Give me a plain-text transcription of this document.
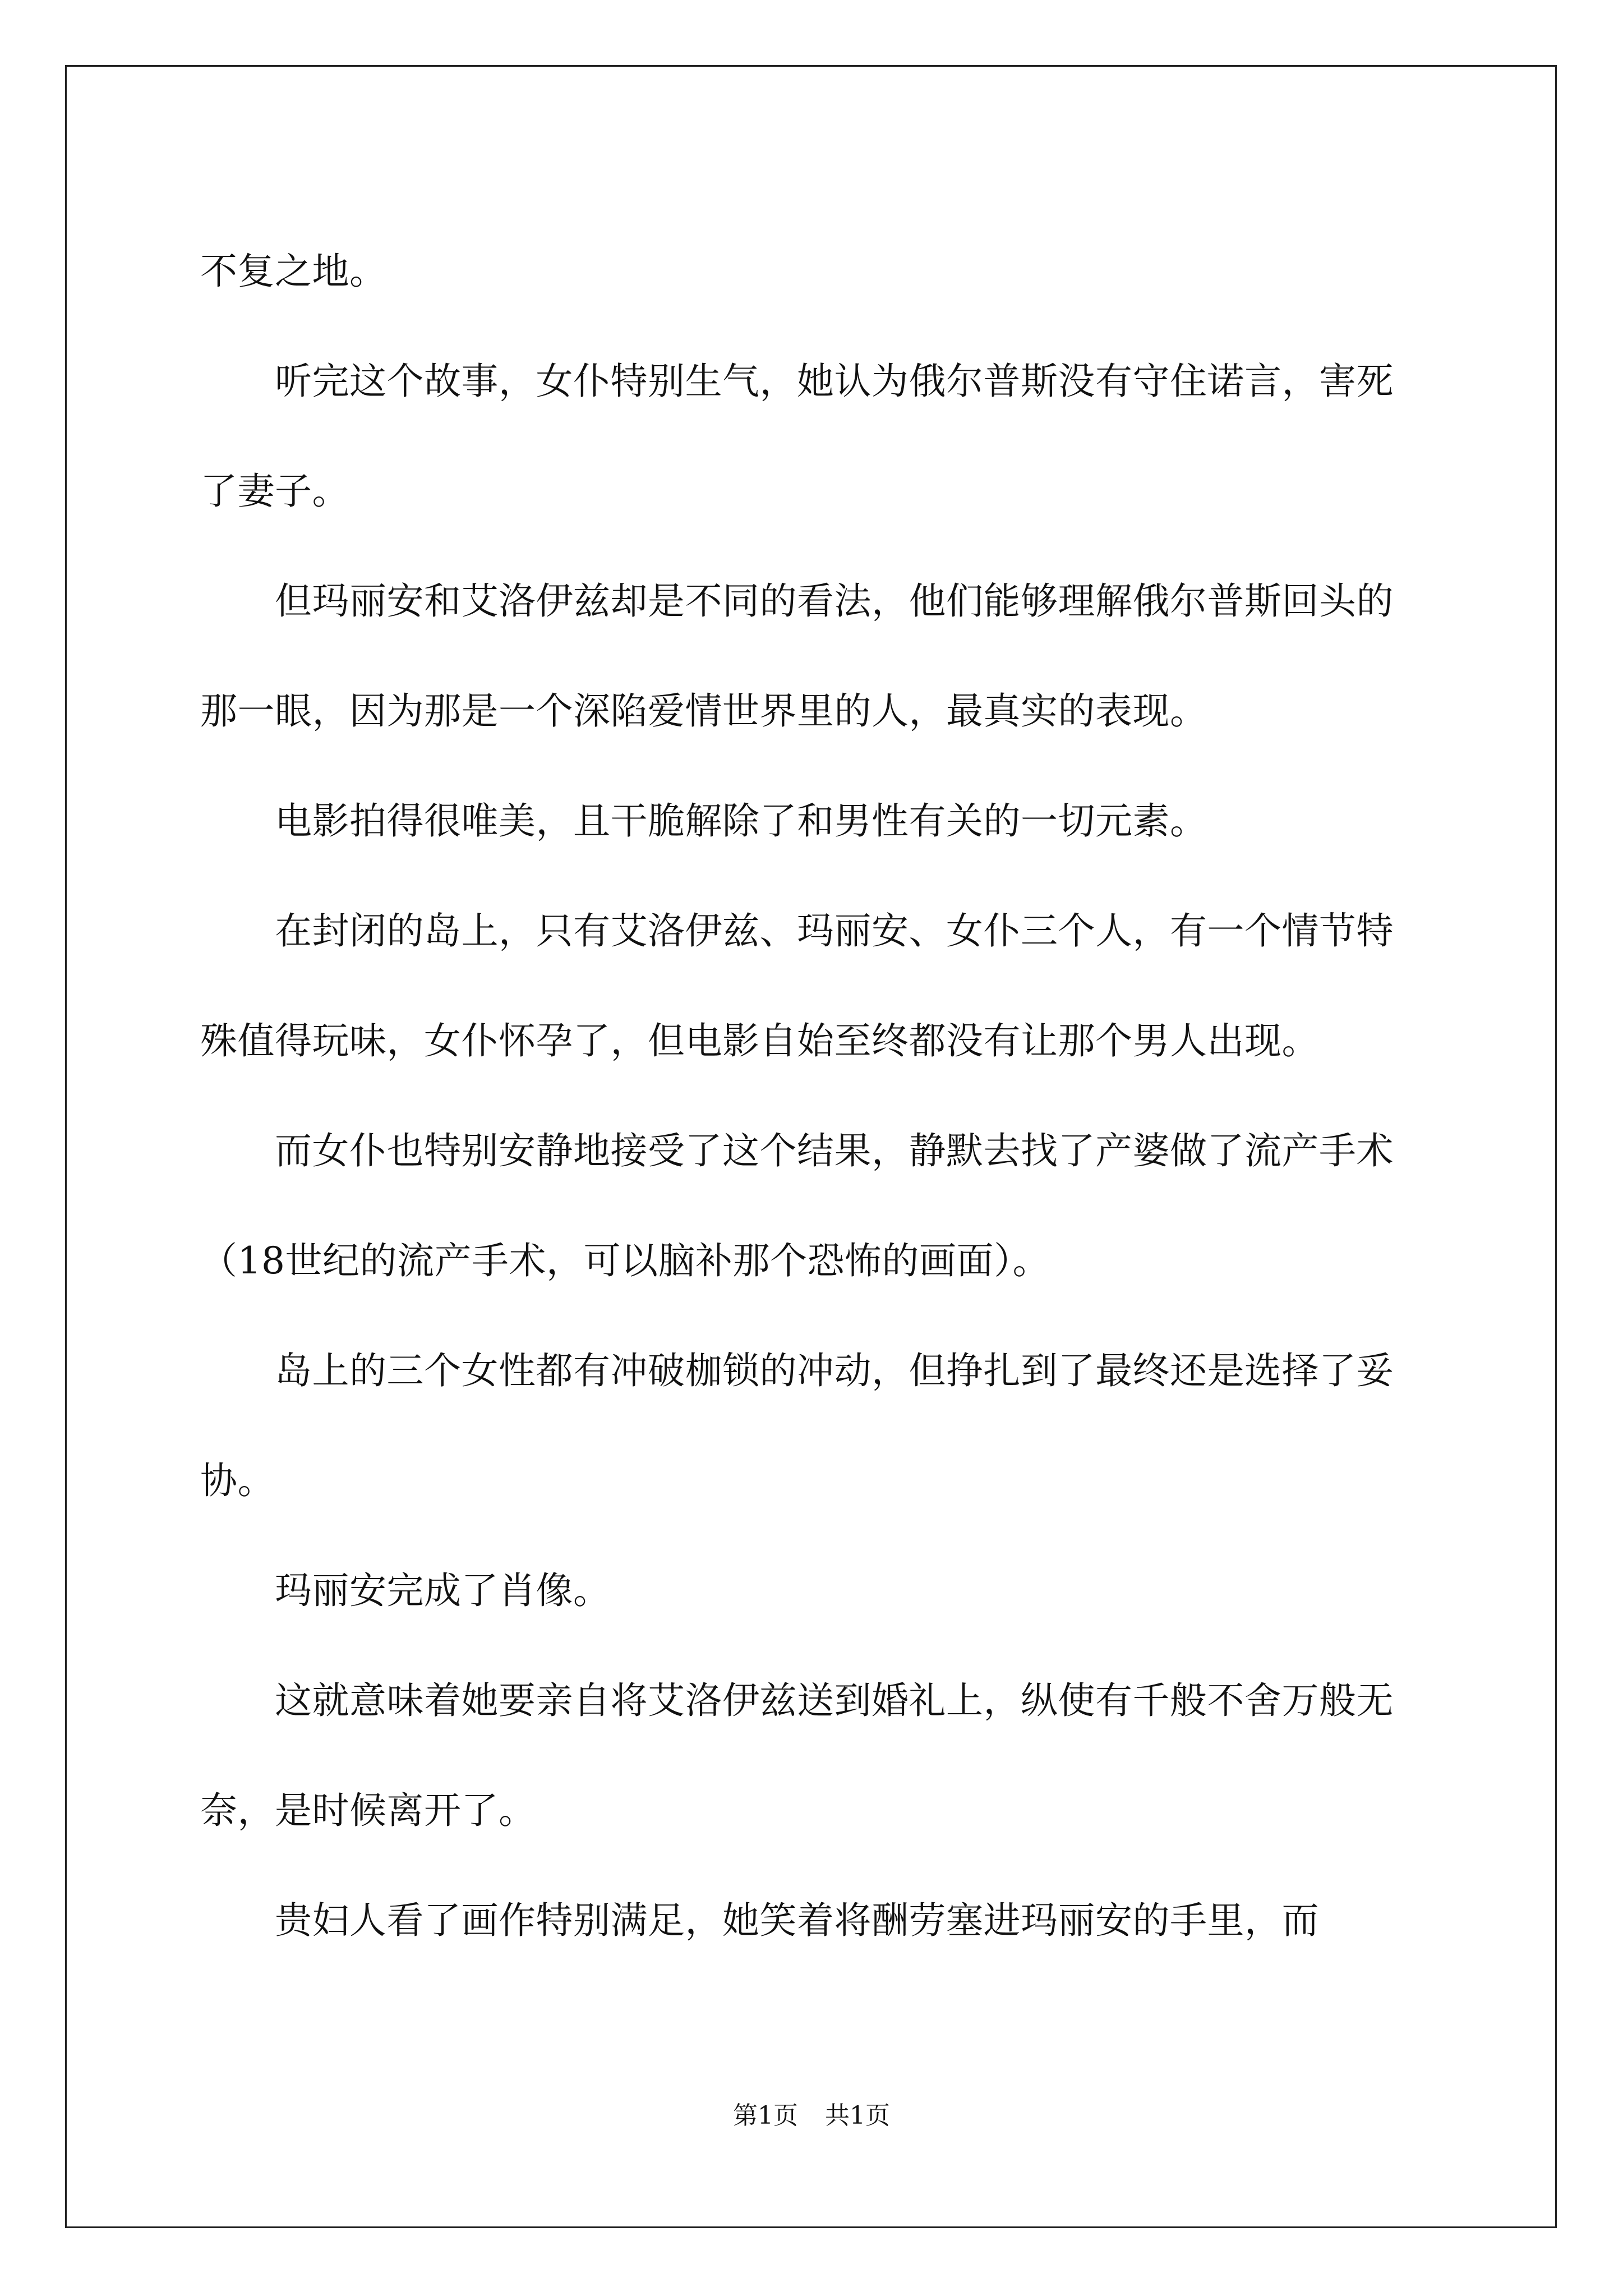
不复之地。

　　听完这个故事，女仆特别生气，她认为俄尔普斯没有守住诺言，害死了妻子。

　　但玛丽安和艾洛伊兹却是不同的看法，他们能够理解俄尔普斯回头的那一眼，因为那是一个深陷爱情世界里的人，最真实的表现。

　　电影拍得很唯美，且干脆解除了和男性有关的一切元素。

　　在封闭的岛上，只有艾洛伊兹、玛丽安、女仆三个人，有一个情节特殊值得玩味，女仆怀孕了，但电影自始至终都没有让那个男人出现。

　　而女仆也特别安静地接受了这个结果，静默去找了产婆做了流产手术（18世纪的流产手术，可以脑补那个恐怖的画面）。

　　岛上的三个女性都有冲破枷锁的冲动，但挣扎到了最终还是选择了妥协。

　　玛丽安完成了肖像。

　　这就意味着她要亲自将艾洛伊兹送到婚礼上，纵使有千般不舍万般无奈，是时候离开了。

　　贵妇人看了画作特别满足，她笑着将酬劳塞进玛丽安的手里，而

第1页 共1页
